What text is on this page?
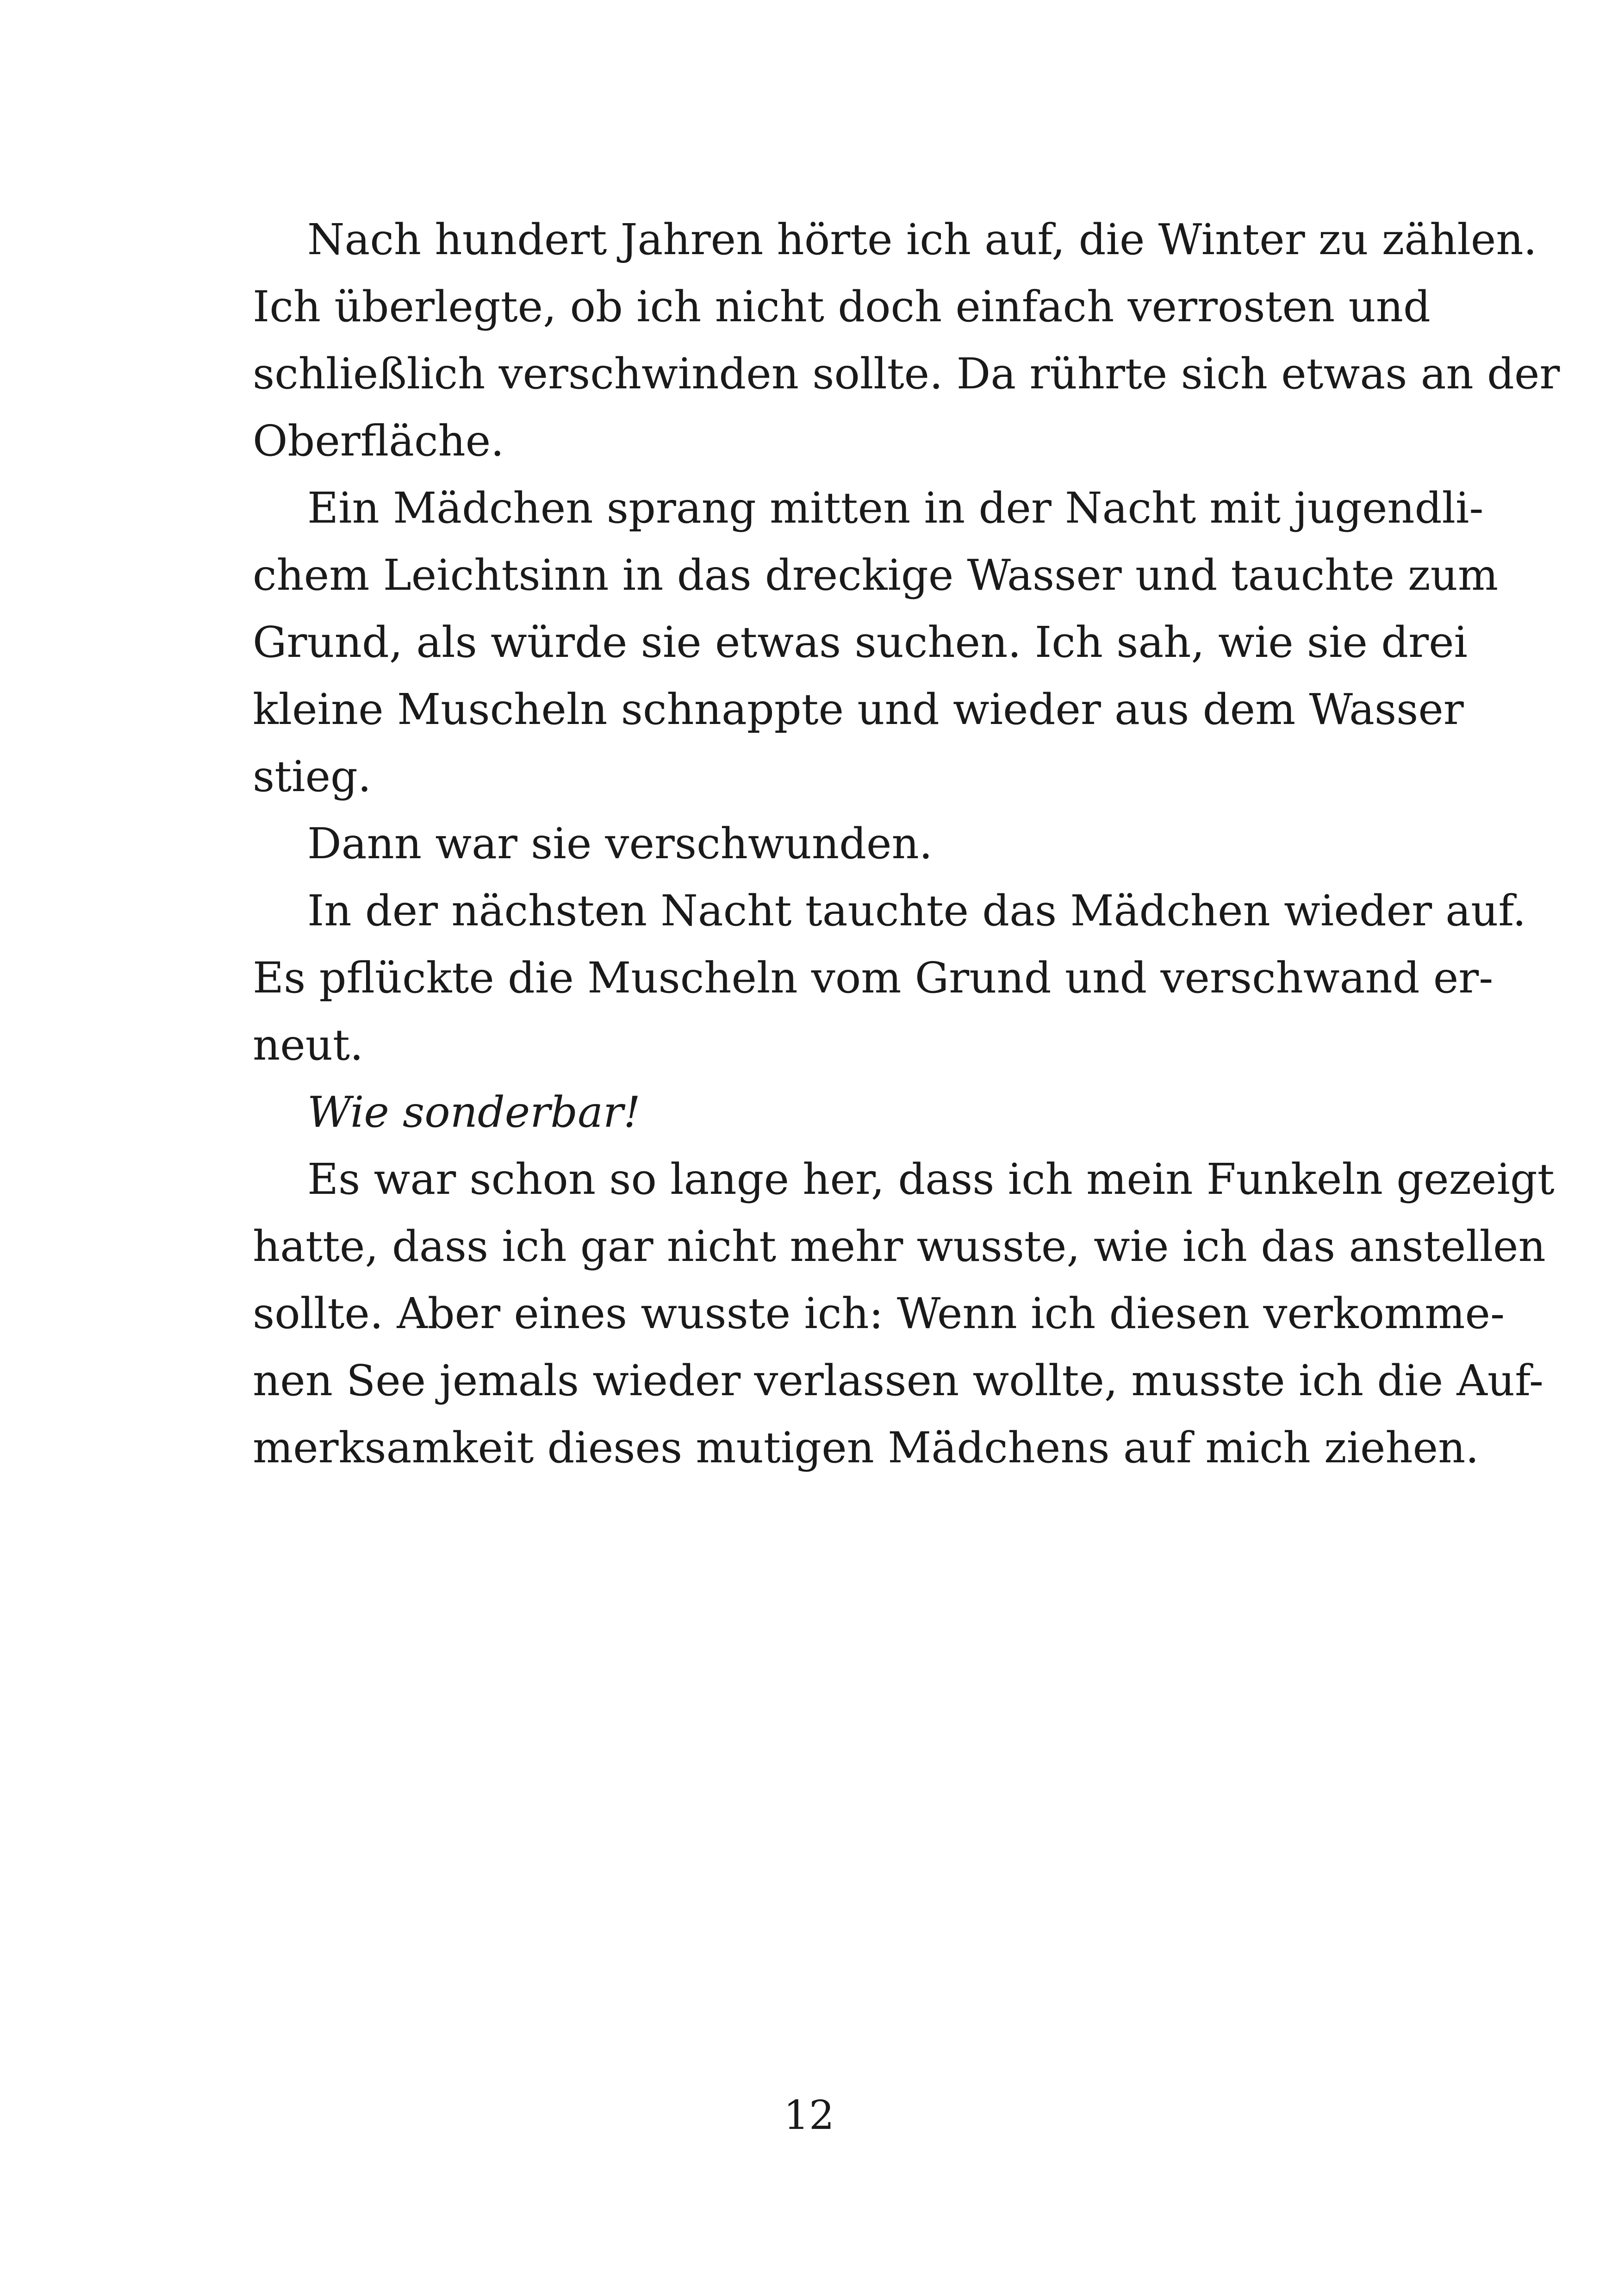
Nach hundert Jahren hörte ich auf, die Winter zu zählen.
Ich überlegte, ob ich nicht doch einfach verrosten und
schließlich verschwinden sollte. Da rührte sich etwas an der
Oberfläche.
Ein Mädchen sprang mitten in der Nacht mit jugendli-
chem Leichtsinn in das dreckige Wasser und tauchte zum
Grund, als würde sie etwas suchen. Ich sah, wie sie drei
kleine Muscheln schnappte und wieder aus dem Wasser
stieg.
Dann war sie verschwunden.
In der nächsten Nacht tauchte das Mädchen wieder auf.
Es pflückte die Muscheln vom Grund und verschwand er-
neut.
Wie sonderbar!
Es war schon so lange her, dass ich mein Funkeln gezeigt
hatte, dass ich gar nicht mehr wusste, wie ich das anstellen
sollte. Aber eines wusste ich: Wenn ich diesen verkomme-
nen See jemals wieder verlassen wollte, musste ich die Auf-
merksamkeit dieses mutigen Mädchens auf mich ziehen.
12
